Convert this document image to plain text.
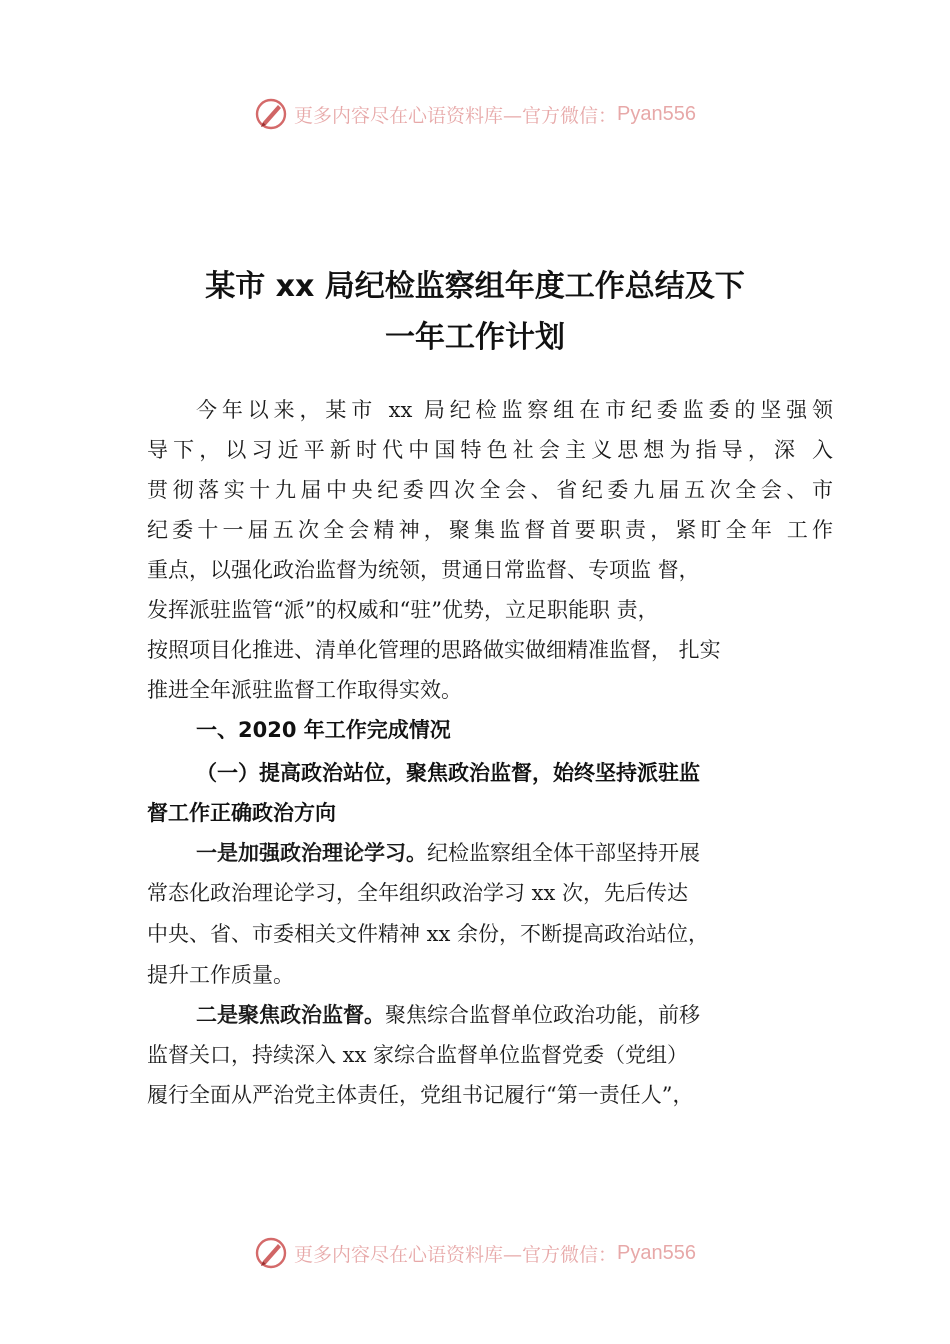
更多内容尽在心语资料库—官方微信： Pyan556
某市 xx 局纪检监察组年度工作总结及下
一年工作计划
今年以来，某市 xx 局纪检监察组在市纪委监委的坚强领
导下，以习近平新时代中国特色社会主义思想为指导，深 入
贯彻落实十九届中央纪委四次全会、省纪委九届五次全会、市
纪委十一届五次全会精神，聚集监督首要职责，紧盯全年 工作
重点，以强化政治监督为统领，贯通日常监督、专项监 督，
发挥派驻监管“派”的权威和“驻”优势，立足职能职 责，
按照项目化推进、清单化管理的思路做实做细精准监督， 扎实
推进全年派驻监督工作取得实效。
一、2020 年工作完成情况
（一）提高政治站位，聚焦政治监督，始终坚持派驻监
督工作正确政治方向
一是加强政治理论学习。纪检监察组全体干部坚持开展
常态化政治理论学习，全年组织政治学习 xx 次，先后传达
中央、省、市委相关文件精神 xx 余份，不断提高政治站位，
提升工作质量。
二是聚焦政治监督。聚焦综合监督单位政治功能，前移
监督关口，持续深入 xx 家综合监督单位监督党委（党组）
履行全面从严治党主体责任，党组书记履行“第一责任人”，
更多内容尽在心语资料库—官方微信： Pyan556
